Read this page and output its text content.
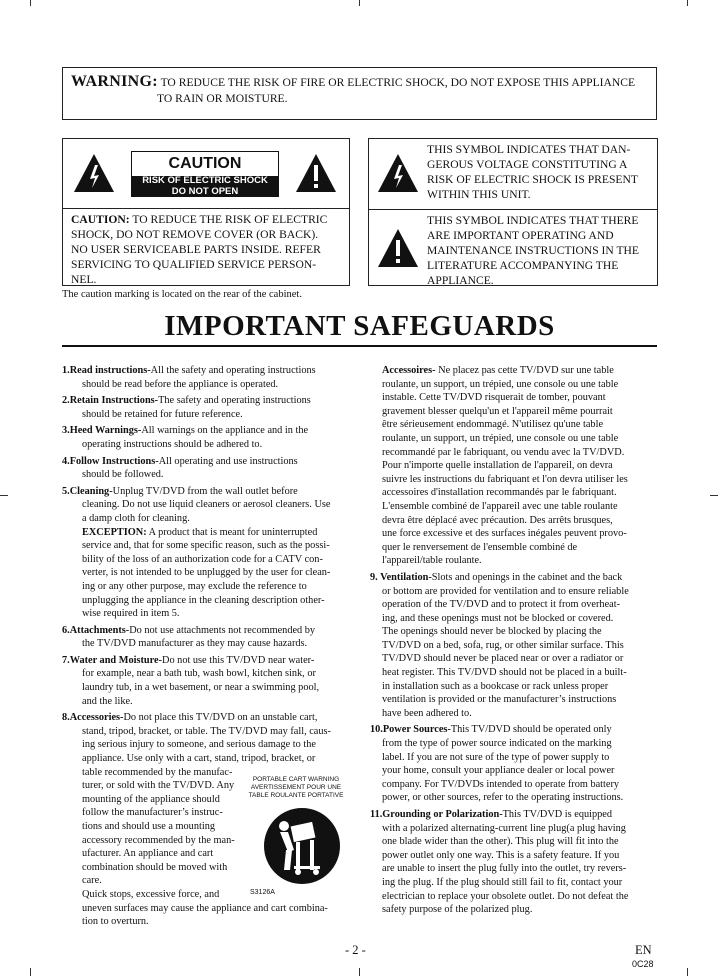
WARNING: TO REDUCE THE RISK OF FIRE OR ELECTRIC SHOCK, DO NOT EXPOSE THIS APPLIANCE
TO RAIN OR MOISTURE.
CAUTION
RISK OF ELECTRIC SHOCK
DO NOT OPEN
CAUTION: TO REDUCE THE RISK OF ELECTRIC
SHOCK, DO NOT REMOVE COVER (OR BACK).
NO USER SERVICEABLE PARTS INSIDE. REFER
SERVICING TO QUALIFIED SERVICE PERSON-
NEL.
THIS SYMBOL INDICATES THAT DAN-
GEROUS VOLTAGE CONSTITUTING A
RISK OF ELECTRIC SHOCK IS PRESENT
WITHIN THIS UNIT.
THIS SYMBOL INDICATES THAT THERE
ARE IMPORTANT OPERATING AND
MAINTENANCE INSTRUCTIONS IN THE
LITERATURE ACCOMPANYING THE
APPLIANCE.
The caution marking is located on the rear of the cabinet.
IMPORTANT SAFEGUARDS
1.Read instructions-All the safety and operating instructions
should be read before the appliance is operated.
2.Retain Instructions-The safety and operating instructions
should be retained for future reference.
3.Heed Warnings-All warnings on the appliance and in the
operating instructions should be adhered to.
4.Follow Instructions-All operating and use instructions
should be followed.
5.Cleaning-Unplug TV/DVD from the wall outlet before
cleaning. Do not use liquid cleaners or aerosol cleaners. Use
a damp cloth for cleaning.
EXCEPTION: A product that is meant for uninterrupted
service and, that for some specific reason, such as the possi-
bility of the loss of an authorization code for a CATV con-
verter, is not intended to be unplugged by the user for clean-
ing or any other purpose, may exclude the reference to
unplugging the appliance in the cleaning description other-
wise required in item 5.
6.Attachments-Do not use attachments not recommended by
the TV/DVD manufacturer as they may cause hazards.
7.Water and Moisture-Do not use this TV/DVD near water-
for example, near a bath tub, wash bowl, kitchen sink, or
laundry tub, in a wet basement, or near a swimming pool,
and the like.
8.Accessories-Do not place this TV/DVD on an unstable cart,
stand, tripod, bracket, or table. The TV/DVD may fall, caus-
ing serious injury to someone, and serious damage to the
appliance. Use only with a cart, stand, tripod, bracket, or
table recommended by the manufac-
turer, or sold with the TV/DVD. Any
mounting of the appliance should
follow the manufacturer’s instruc-
tions and should use a mounting
accessory recommended by the man-
ufacturer. An appliance and cart
combination should be moved with
care.
Quick stops, excessive force, and
uneven surfaces may cause the appliance and cart combina-
tion to overturn.
PORTABLE CART WARNING
AVERTISSEMENT POUR UNE
TABLE ROULANTE PORTATIVE
S3126A
Accessoires- Ne placez pas cette TV/DVD sur une table
roulante, un support, un trépied, une console ou une table
instable. Cette TV/DVD risquerait de tomber, pouvant
gravement blesser quelqu'un et l'appareil même pourrait
être sérieusement endommagé. N'utilisez qu'une table
roulante, un support, un trépied, une console ou une table
recommandé par le fabriquant, ou vendu avec la TV/DVD.
Pour n'importe quelle installation de l'appareil, on devra
suivre les instructions du fabriquant et l'on devra utiliser les
accessoires d'installation recommandés par le fabriquant.
L'ensemble combiné de l'appareil avec une table roulante
devra être déplacé avec précaution. Des arrêts brusques,
une force excessive et des surfaces inégales peuvent provo-
quer le renversement de l'ensemble combiné de
l'appareil/table roulante.
9. Ventilation-Slots and openings in the cabinet and the back
or bottom are provided for ventilation and to ensure reliable
operation of the TV/DVD and to protect it from overheat-
ing, and these openings must not be blocked or covered.
The openings should never be blocked by placing the
TV/DVD on a bed, sofa, rug, or other similar surface. This
TV/DVD should never be placed near or over a radiator or
heat register. This TV/DVD should not be placed in a built-
in installation such as a bookcase or rack unless proper
ventilation is provided or the manufacturer’s instructions
have been adhered to.
10.Power Sources-This TV/DVD should be operated only
from the type of power source indicated on the marking
label. If you are not sure of the type of power supply to
your home, consult your appliance dealer or local power
company. For TV/DVDs intended to operate from battery
power, or other sources, refer to the operating instructions.
11.Grounding or Polarization-This TV/DVD is equipped
with a polarized alternating-current line plug(a plug having
one blade wider than the other). This plug will fit into the
power outlet only one way. This is a safety feature. If you
are unable to insert the plug fully into the outlet, try revers-
ing the plug. If the plug should still fail to fit, contact your
electrician to replace your obsolete outlet. Do not defeat the
safety purpose of the polarized plug.
- 2 -	EN
0C28
